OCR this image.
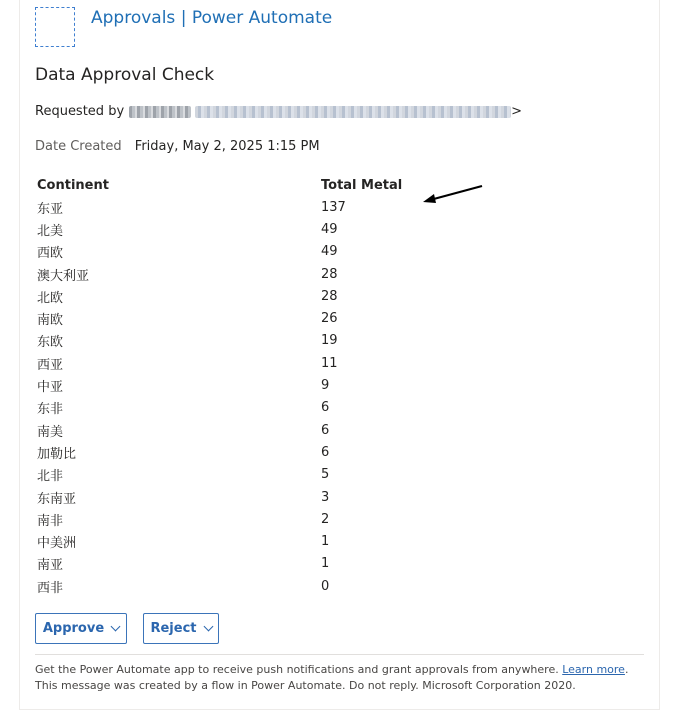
Approvals | Power Automate
Data Approval Check
Requested by	>
Date Created Friday, May 2, 2025 1:15 PM
Continent	Total Metal
东亚	137
北美	49
西欧	49
澳大利亚	28
北欧	28
南欧	26
东欧	19
西亚	11
中亚	9
东非	6
南美	6
加勒比	6
北非	5
东南亚	3
南非	2
中美洲	1
南亚	1
西非	0
Approve	Reject
Get the Power Automate app to receive push notifications and grant approvals from anywhere. Learn more. This message was created by a flow in Power Automate. Do not reply. Microsoft Corporation 2020.
